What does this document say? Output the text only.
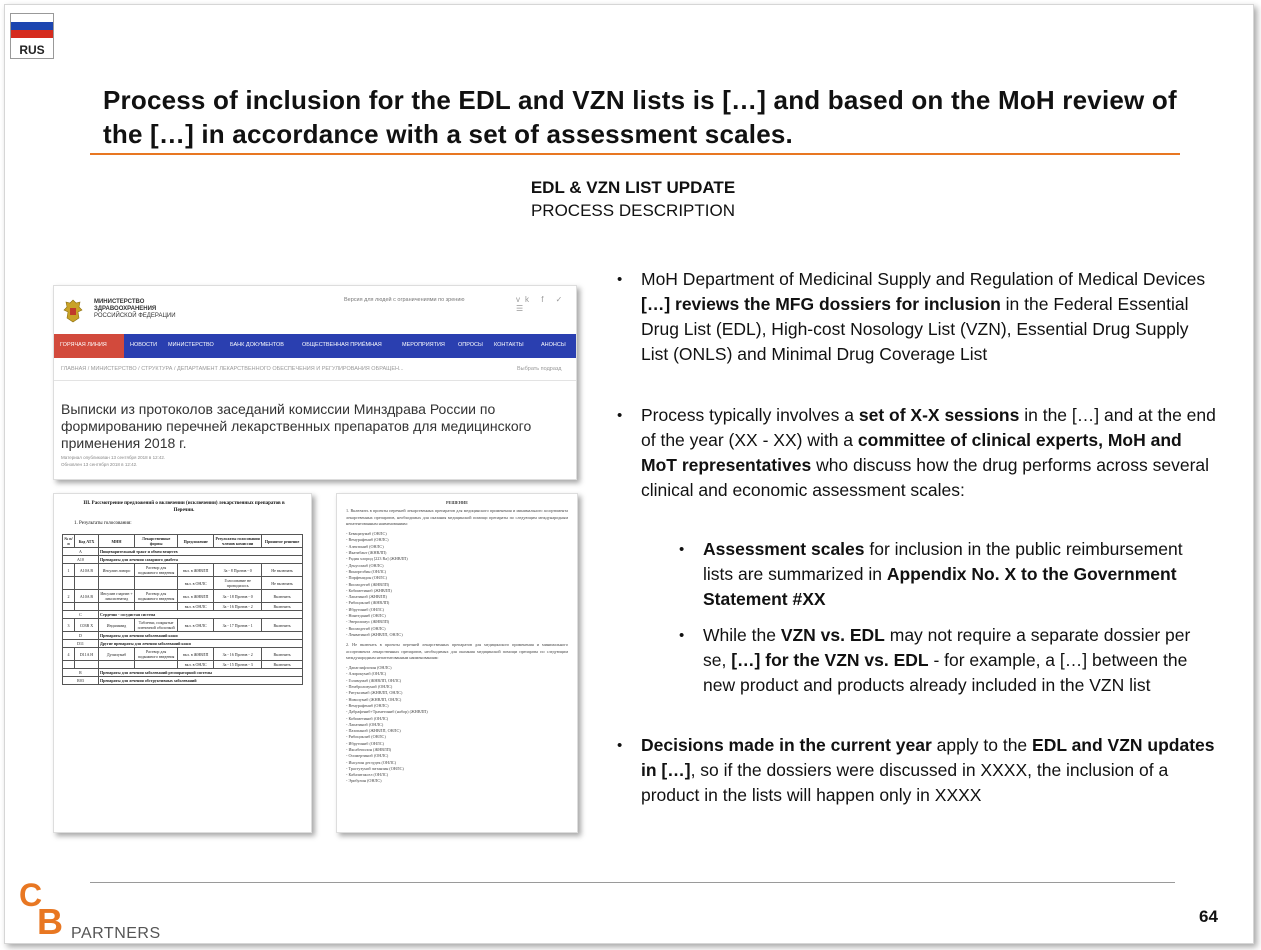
RUS
Process of inclusion for the EDL and VZN lists is […] and based on the MoH review of the […] in accordance with a set of assessment scales.
EDL & VZN LIST UPDATE
PROCESS DESCRIPTION
МИНИСТЕРСТВО
ЗДРАВООХРАНЕНИЯ
РОССИЙСКОЙ ФЕДЕРАЦИИ
Версия для людей с ограничениями по зрению	vk f ✓ ☰
ГОРЯЧАЯ ЛИНИЯ	НОВОСТИ МИНИСТЕРСТВО	БАНК ДОКУМЕНТОВ	ОБЩЕСТВЕННАЯ ПРИЁМНАЯ	МЕРОПРИЯТИЯ ОПРОСЫ КОНТАКТЫ	АНОНСЫ
ГЛАВНАЯ / МИНИСТЕРСТВО / СТРУКТУРА / ДЕПАРТАМЕНТ ЛЕКАРСТВЕННОГО ОБЕСПЕЧЕНИЯ И РЕГУЛИРОВАНИЯ ОБРАЩЕН...	Выбрать подразд
Выписки из протоколов заседаний комиссии Минздрава России по формированию перечней лекарственных препаратов для медицинского применения 2018 г.
Материал опубликован 13 сентября 2018 в 12:42.
Обновлен 13 сентября 2018 в 12:42.
III. Рассмотрение предложений о включении (исключении) лекарственных препаратов в Перечни.
1. Результаты голосования:
№ п/п	Код АТХ	МНН	Лекарственные формы	Предложение	Результаты голосования членов комиссии	Принятое решение
A		Пищеварительный тракт и обмен веществ				
A10		Препараты для лечения сахарного диабета				
1	A10A B	Инсулин лизпро	Раствор для подкожного введения	вкл. в ЖНВЛП	За - 8 Против - 0	Не включать
				вкл. в ОНЛС	Голосование не проводилось	Не включать
2	A10A B	Инсулин гларгин + ликсисенатид	Раствор для подкожного введения	вкл. в ЖНВЛП	За - 18 Против - 0	Включить
				вкл. в ОНЛС	За - 16 Против - 2	Включить
C		Сердечно - сосудистая система				
3	C03B X	Индапамид	Таблетки, покрытые пленочной оболочкой	вкл. в ОНЛС	За - 17 Против - 1	Включить
D		Препараты для лечения заболеваний кожи				
D11		Другие препараты для лечения заболеваний кожи				
4	D11A H	Дупилумаб	Раствор для подкожного введения	вкл. в ЖНВЛП	За - 16 Против - 2	Включить
				вкл. в ОНЛС	За - 15 Против - 3	Включить
R		Препараты для лечения заболеваний респираторной системы				
R03		Препараты для лечения обструктивных заболеваний				
РЕШЕНИЕ
1. Включить в проекты перечней лекарственных препаратов для медицинского применения и минимального ассортимента лекарственных препаратов, необходимых для оказания медицинской помощи препараты по следующим международным непатентованным наименованиям:
- Бевацизумаб (ОНЛС)
- Вемурафениб (ОНЛС)
- Алектиниб (ОНЛС)
- Икатибант (ЖНВЛП)
- Радия хлорид [223 Ra] (ЖНВЛП)
- Денусомаб (ОНЛС)
- Винорелбин (ОНЛС)
- Пирфенидон (ОНЛС)
- Висмодегиб (ЖНВЛП)
- Кобиметиниб (ЖНВЛП)
- Лапатиниб (ЖНВЛП)
- Рибоциклиб (ЖНВЛП)
- Ибрутиниб (ОНЛС)
- Нинтеданиб (ОНЛС)
- Эверолимус (ЖНВЛП)
- Висмодегиб (ОНЛС)
- Ленватиниб (ЖНВЛП, ОНЛС)
2. Не включать в проекты перечней лекарственных препаратов для медицинского применения и минимального ассортимента лекарственных препаратов, необходимых для оказания медицинской помощи препараты по следующим международным непатентованным наименованиям:
- Дапаглифлозин (ОНЛС)
- Алирокумаб (ОНЛС)
- Голимумаб (ЖНВЛП, ОНЛС)
- Пембролизумаб (ОНЛС)
- Ритуксимаб (ЖНВЛП, ОНЛС)
- Ниволумаб (ЖНВЛП, ОНЛС)
- Вемурафениб (ОНЛС)
- Дабрафениб+Траметиниб (набор) (ЖНВЛП)
- Кобиметиниб (ОНЛС)
- Лапатиниб (ОНЛС)
- Пазопаниб (ЖНВЛП, ОНЛС)
- Рибоциклиб (ОНЛС)
- Ибрутиниб (ОНЛС)
- Иксабепилон (ЖНВЛП)
- Осимертиниб (ОНЛС)
- Инсулин деглудек (ОНЛС)
- Трастузумаб эмтанзин (ОНЛС)
- Кабазитаксел (ОНЛС)
- Эрибулин (ОНЛС)
•	MoH Department of Medicinal Supply and Regulation of Medical Devices […] reviews the MFG dossiers for inclusion in the Federal Essential Drug List (EDL), High-cost Nosology List (VZN), Essential Drug Supply List (ONLS) and Minimal Drug Coverage List
•	Process typically involves a set of X-X sessions in the […] and at the end of the year (XX - XX) with a committee of clinical experts, MoH and MoT representatives who discuss how the drug performs across several clinical and economic assessment scales:
•	Assessment scales for inclusion in the public reimbursement lists are summarized in Appendix No. X to the Government Statement #XX
•	While the VZN vs. EDL may not require a separate dossier per se, […] for the VZN vs. EDL - for example, a […] between the new product and products already included in the VZN list
•	Decisions made in the current year apply to the EDL and VZN updates in […], so if the dossiers were discussed in XXXX, the inclusion of a product in the lists will happen only in XXXX
C
B PARTNERS
64
